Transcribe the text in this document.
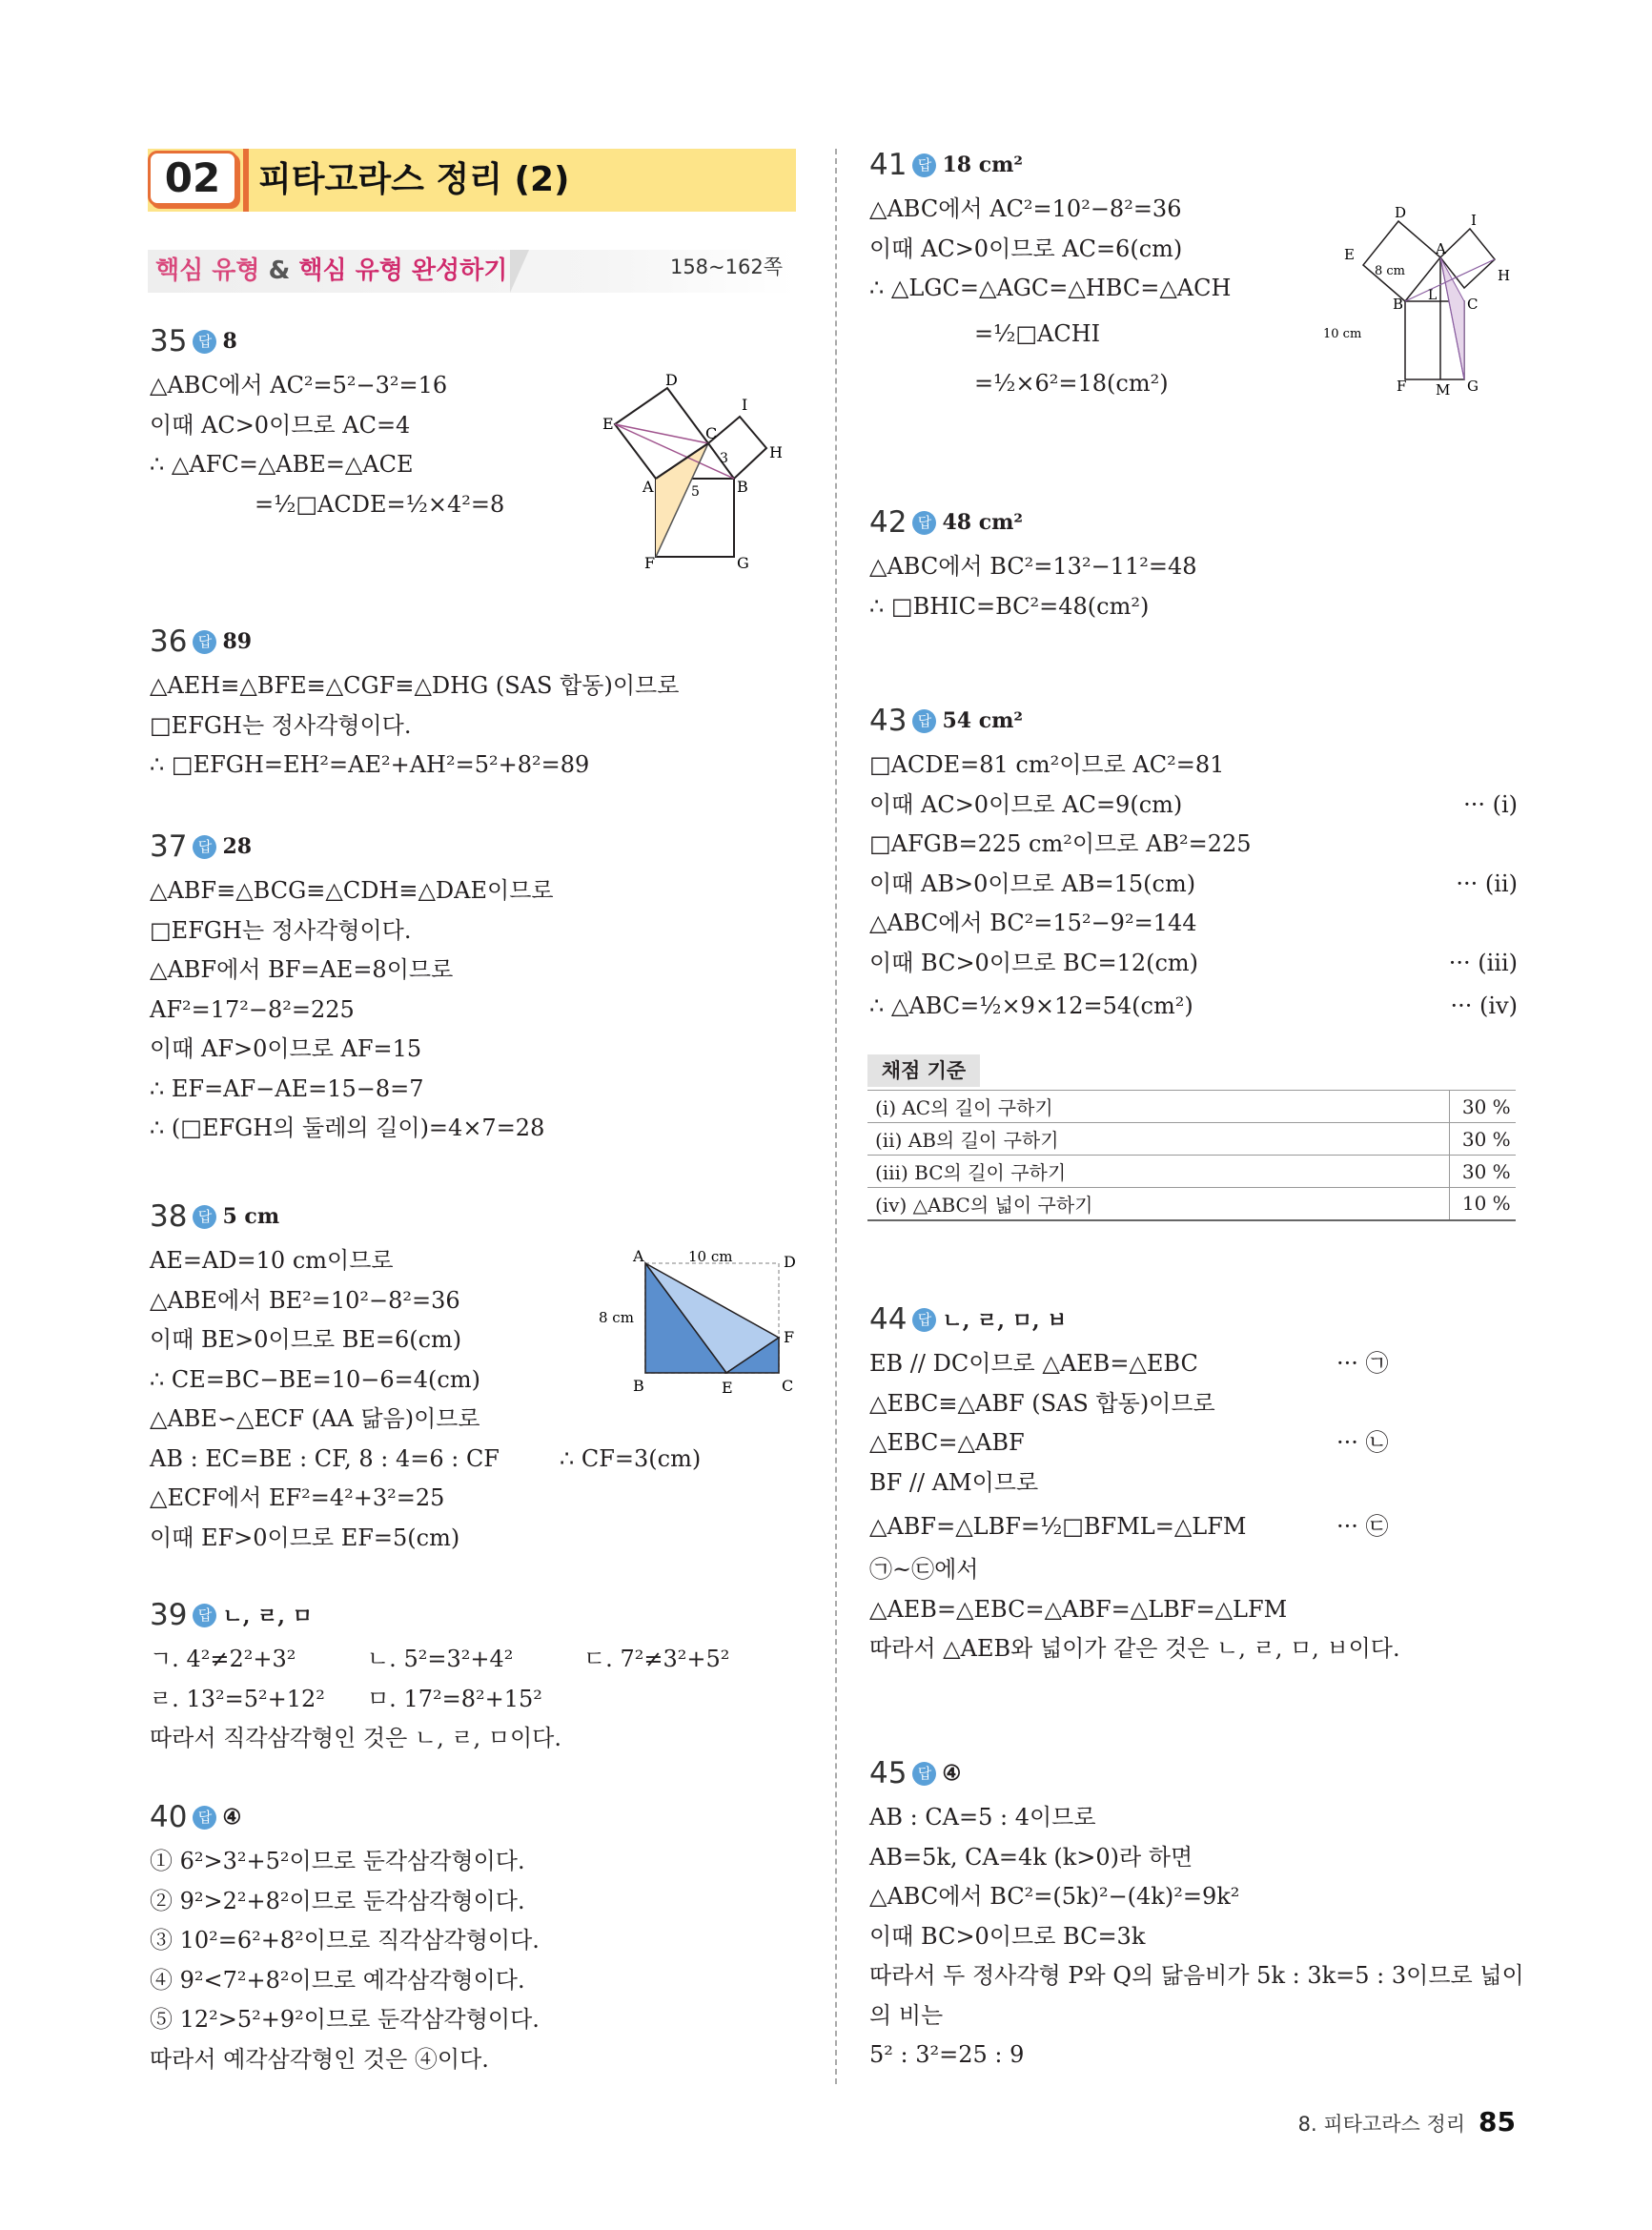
02	피타고라스 정리 (2)
핵심 유형 & 핵심 유형 완성하기	158~162쪽
35 답 8
△ABC에서 AC²=5²−3²=16
이때 AC>0이므로 AC=4
∴ △AFC=△ABE=△ACE
=½□ACDE=½×4²=8
D
I
E
C
H
A	B
F	G
3
5
36 답 89
△AEH≡△BFE≡△CGF≡△DHG (SAS 합동)이므로
□EFGH는 정사각형이다.
∴ □EFGH=EH²=AE²+AH²=5²+8²=89
37 답 28
△ABF≡△BCG≡△CDH≡△DAE이므로
□EFGH는 정사각형이다.
△ABF에서 BF=AE=8이므로
AF²=17²−8²=225
이때 AF>0이므로 AF=15
∴ EF=AF−AE=15−8=7
∴ (□EFGH의 둘레의 길이)=4×7=28
38 답 5 cm
AE=AD=10 cm이므로
△ABE에서 BE²=10²−8²=36
이때 BE>0이므로 BE=6(cm)
∴ CE=BC−BE=10−6=4(cm)
△ABE∽△ECF (AA 닮음)이므로
AB : EC=BE : CF, 8 : 4=6 : CF	∴ CF=3(cm)
△ECF에서 EF²=4²+3²=25
이때 EF>0이므로 EF=5(cm)
A	D
B	E	C
F
10 cm
8 cm
39 답 ㄴ, ㄹ, ㅁ
ㄱ. 4²≠2²+3²	ㄴ. 5²=3²+4²	ㄷ. 7²≠3²+5²
ㄹ. 13²=5²+12² ㅁ. 17²=8²+15²
따라서 직각삼각형인 것은 ㄴ, ㄹ, ㅁ이다.
40 답 ④
① 6²>3²+5²이므로 둔각삼각형이다.
② 9²>2²+8²이므로 둔각삼각형이다.
③ 10²=6²+8²이므로 직각삼각형이다.
④ 9²<7²+8²이므로 예각삼각형이다.
⑤ 12²>5²+9²이므로 둔각삼각형이다.
따라서 예각삼각형인 것은 ④이다.
41 답 18 cm²
△ABC에서 AC²=10²−8²=36
이때 AC>0이므로 AC=6(cm)
∴ △LGC=△AGC=△HBC=△ACH
=½□ACHI
=½×6²=18(cm²)
D	I
E	A
H
B L C
F M G
8 cm
10 cm
42 답 48 cm²
△ABC에서 BC²=13²−11²=48
∴ □BHIC=BC²=48(cm²)
43 답 54 cm²
□ACDE=81 cm²이므로 AC²=81
이때 AC>0이므로 AC=9(cm)	··· (ⅰ)
□AFGB=225 cm²이므로 AB²=225
이때 AB>0이므로 AB=15(cm)	··· (ⅱ)
△ABC에서 BC²=15²−9²=144
이때 BC>0이므로 BC=12(cm)	··· (ⅲ)
∴ △ABC=½×9×12=54(cm²)	··· (ⅳ)
채점 기준
(ⅰ) AC의 길이 구하기	30 %
(ⅱ) AB의 길이 구하기	30 %
(ⅲ) BC의 길이 구하기	30 %
(ⅳ) △ABC의 넓이 구하기	10 %
44 답 ㄴ, ㄹ, ㅁ, ㅂ
EB // DC이므로 △AEB=△EBC	··· ㉠
△EBC≡△ABF (SAS 합동)이므로
△EBC=△ABF	··· ㉡
BF // AM이므로
△ABF=△LBF=½□BFML=△LFM	··· ㉢
㉠~㉢에서
△AEB=△EBC=△ABF=△LBF=△LFM
따라서 △AEB와 넓이가 같은 것은 ㄴ, ㄹ, ㅁ, ㅂ이다.
45 답 ④
AB : CA=5 : 4이므로
AB=5k, CA=4k (k>0)라 하면
△ABC에서 BC²=(5k)²−(4k)²=9k²
이때 BC>0이므로 BC=3k
따라서 두 정사각형 P와 Q의 닮음비가 5k : 3k=5 : 3이므로 넓이
의 비는
5² : 3²=25 : 9
8. 피타고라스 정리 85
